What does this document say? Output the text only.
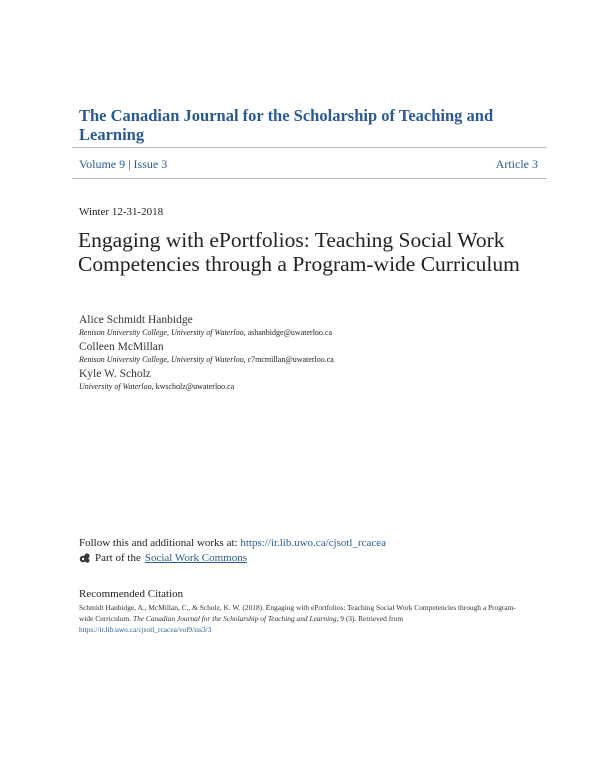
The Canadian Journal for the Scholarship of Teaching and Learning
Volume 9 | Issue 3	Article 3
Winter 12-31-2018
Engaging with ePortfolios: Teaching Social Work Competencies through a Program-wide Curriculum
Alice Schmidt Hanbidge
Renison University College, University of Waterloo, ashanbidge@uwaterloo.ca
Colleen McMillan
Renison University College, University of Waterloo, c7mcmillan@uwaterloo.ca
Kyle W. Scholz
University of Waterloo, kwscholz@uwaterloo.ca
Follow this and additional works at: https://ir.lib.uwo.ca/cjsotl_rcacea
Part of the Social Work Commons
Recommended Citation
Schmidt Hanbidge, A., McMillan, C., & Scholz, K. W. (2018). Engaging with ePortfolios: Teaching Social Work Competencies through a Program-wide Curriculum. The Canadian Journal for the Scholarship of Teaching and Learning, 9 (3). Retrieved from
https://ir.lib.uwo.ca/cjsotl_rcacea/vol9/iss3/3
